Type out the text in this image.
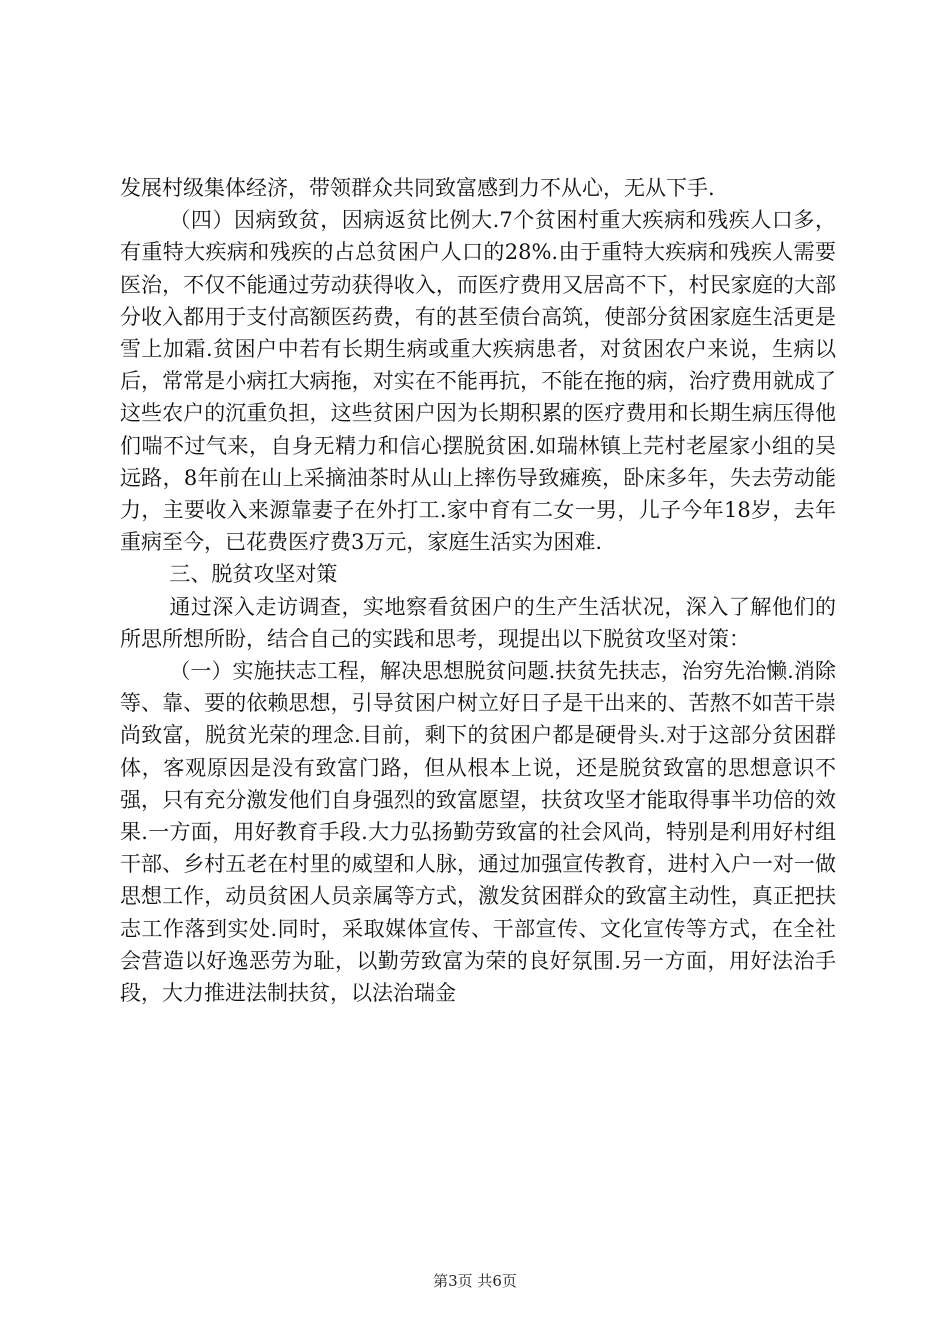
发展村级集体经济，带领群众共同致富感到力不从心，无从下手.

（四）因病致贫，因病返贫比例大.7个贫困村重大疾病和残疾人口多，有重特大疾病和残疾的占总贫困户人口的28%.由于重特大疾病和残疾人需要医治，不仅不能通过劳动获得收入，而医疗费用又居高不下，村民家庭的大部分收入都用于支付高额医药费，有的甚至债台高筑，使部分贫困家庭生活更是雪上加霜.贫困户中若有长期生病或重大疾病患者，对贫困农户来说，生病以后，常常是小病扛大病拖，对实在不能再抗，不能在拖的病，治疗费用就成了这些农户的沉重负担，这些贫困户因为长期积累的医疗费用和长期生病压得他们喘不过气来，自身无精力和信心摆脱贫困.如瑞林镇上芫村老屋家小组的吴远路，8年前在山上采摘油茶时从山上摔伤导致瘫痪，卧床多年，失去劳动能力，主要收入来源靠妻子在外打工.家中育有二女一男，儿子今年18岁，去年重病至今，已花费医疗费3万元，家庭生活实为困难.

三、脱贫攻坚对策

通过深入走访调查，实地察看贫困户的生产生活状况，深入了解他们的所思所想所盼，结合自己的实践和思考，现提出以下脱贫攻坚对策：

（一）实施扶志工程，解决思想脱贫问题.扶贫先扶志，治穷先治懒.消除等、靠、要的依赖思想，引导贫困户树立好日子是干出来的、苦熬不如苦干崇尚致富，脱贫光荣的理念.目前，剩下的贫困户都是硬骨头.对于这部分贫困群体，客观原因是没有致富门路，但从根本上说，还是脱贫致富的思想意识不强，只有充分激发他们自身强烈的致富愿望，扶贫攻坚才能取得事半功倍的效果.一方面，用好教育手段.大力弘扬勤劳致富的社会风尚，特别是利用好村组干部、乡村五老在村里的威望和人脉，通过加强宣传教育，进村入户一对一做思想工作，动员贫困人员亲属等方式，激发贫困群众的致富主动性，真正把扶志工作落到实处.同时，采取媒体宣传、干部宣传、文化宣传等方式，在全社会营造以好逸恶劳为耻，以勤劳致富为荣的良好氛围.另一方面，用好法治手段，大力推进法制扶贫，以法治瑞金

第3页 共6页
